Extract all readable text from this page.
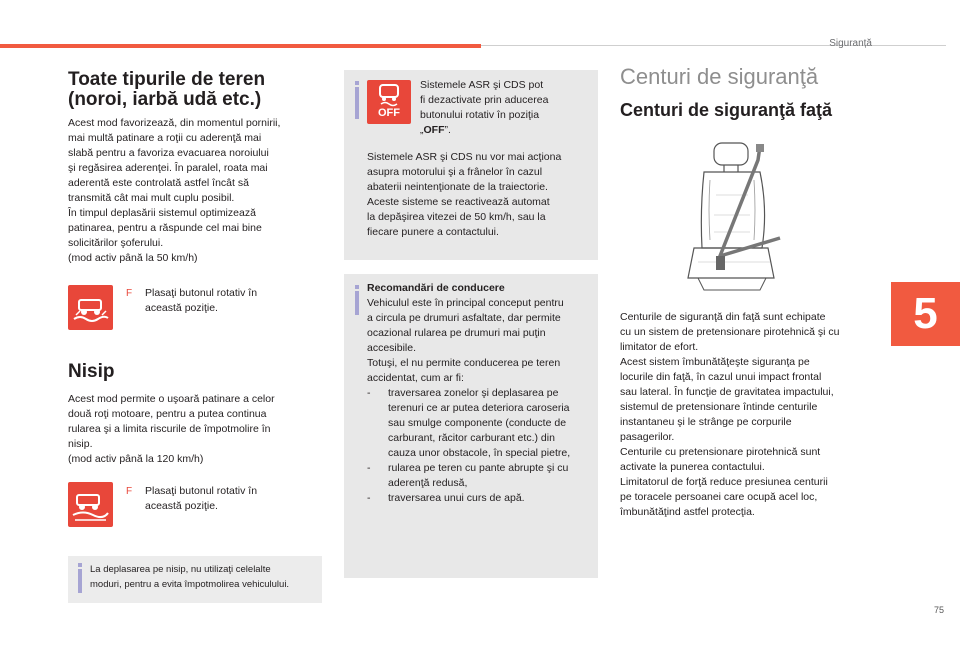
Siguranță
5
Toate tipurile de teren
(noroi, iarbă udă etc.)

Acest mod favorizează, din momentul pornirii,

mai multă patinare a roţii cu aderenţă mai

slabă pentru a favoriza evacuarea noroiului

şi regăsirea aderenţei. În paralel, roata mai

aderentă este controlată astfel încât să

transmită cât mai mult cuplu posibil.

În timpul deplasării sistemul optimizează

patinarea, pentru a răspunde cel mai bine

solicitărilor şoferului.

(mod activ până la 50 km/h)

F Plasaţi butonul rotativ în

această poziţie.

Nisip

Acest mod permite o uşoară patinare a celor

două roţi motoare, pentru a putea continua

rularea şi a limita riscurile de împotmolire în

nisip.

(mod activ până la 120 km/h)

F Plasaţi butonul rotativ în

această poziţie.

La deplasarea pe nisip, nu utilizaţi celelalte

moduri, pentru a evita împotmolirea vehiculului.

OFF

Sistemele ASR şi CDS pot

fi dezactivate prin aducerea

butonului rotativ în poziţia

„OFF”.

Sistemele ASR şi CDS nu vor mai acţiona

asupra motorului şi a frânelor în cazul

abaterii neintenţionate de la traiectorie.

Aceste sisteme se reactivează automat

la depăşirea vitezei de 50 km/h, sau la

fiecare punere a contactului.

Recomandări de conducere

Vehiculul este în principal conceput pentru

a circula pe drumuri asfaltate, dar permite

ocazional rularea pe drumuri mai puţin

accesibile.

Totuşi, el nu permite conducerea pe teren

accidentat, cum ar fi:

- traversarea zonelor şi deplasarea pe
terenuri ce ar putea deteriora caroseria
sau smulge componente (conducte de
carburant, răcitor carburant etc.) din
cauza unor obstacole, în special pietre,
- rularea pe teren cu pante abrupte şi cu
aderenţă redusă,
- traversarea unui curs de apă.
Centuri de siguranţă
Centuri de siguranţă faţă

Centurile de siguranţă din faţă sunt echipate

cu un sistem de pretensionare pirotehnică şi cu

limitator de efort.

Acest sistem îmbunătăţeşte siguranţa pe

locurile din faţă, în cazul unui impact frontal

sau lateral. În funcţie de gravitatea impactului,

sistemul de pretensionare întinde centurile

instantaneu şi le strânge pe corpurile

pasagerilor.

Centurile cu pretensionare pirotehnică sunt

activate la punerea contactului.

Limitatorul de forţă reduce presiunea centurii

pe toracele persoanei care ocupă acel loc,

îmbunătăţind astfel protecţia.

75
